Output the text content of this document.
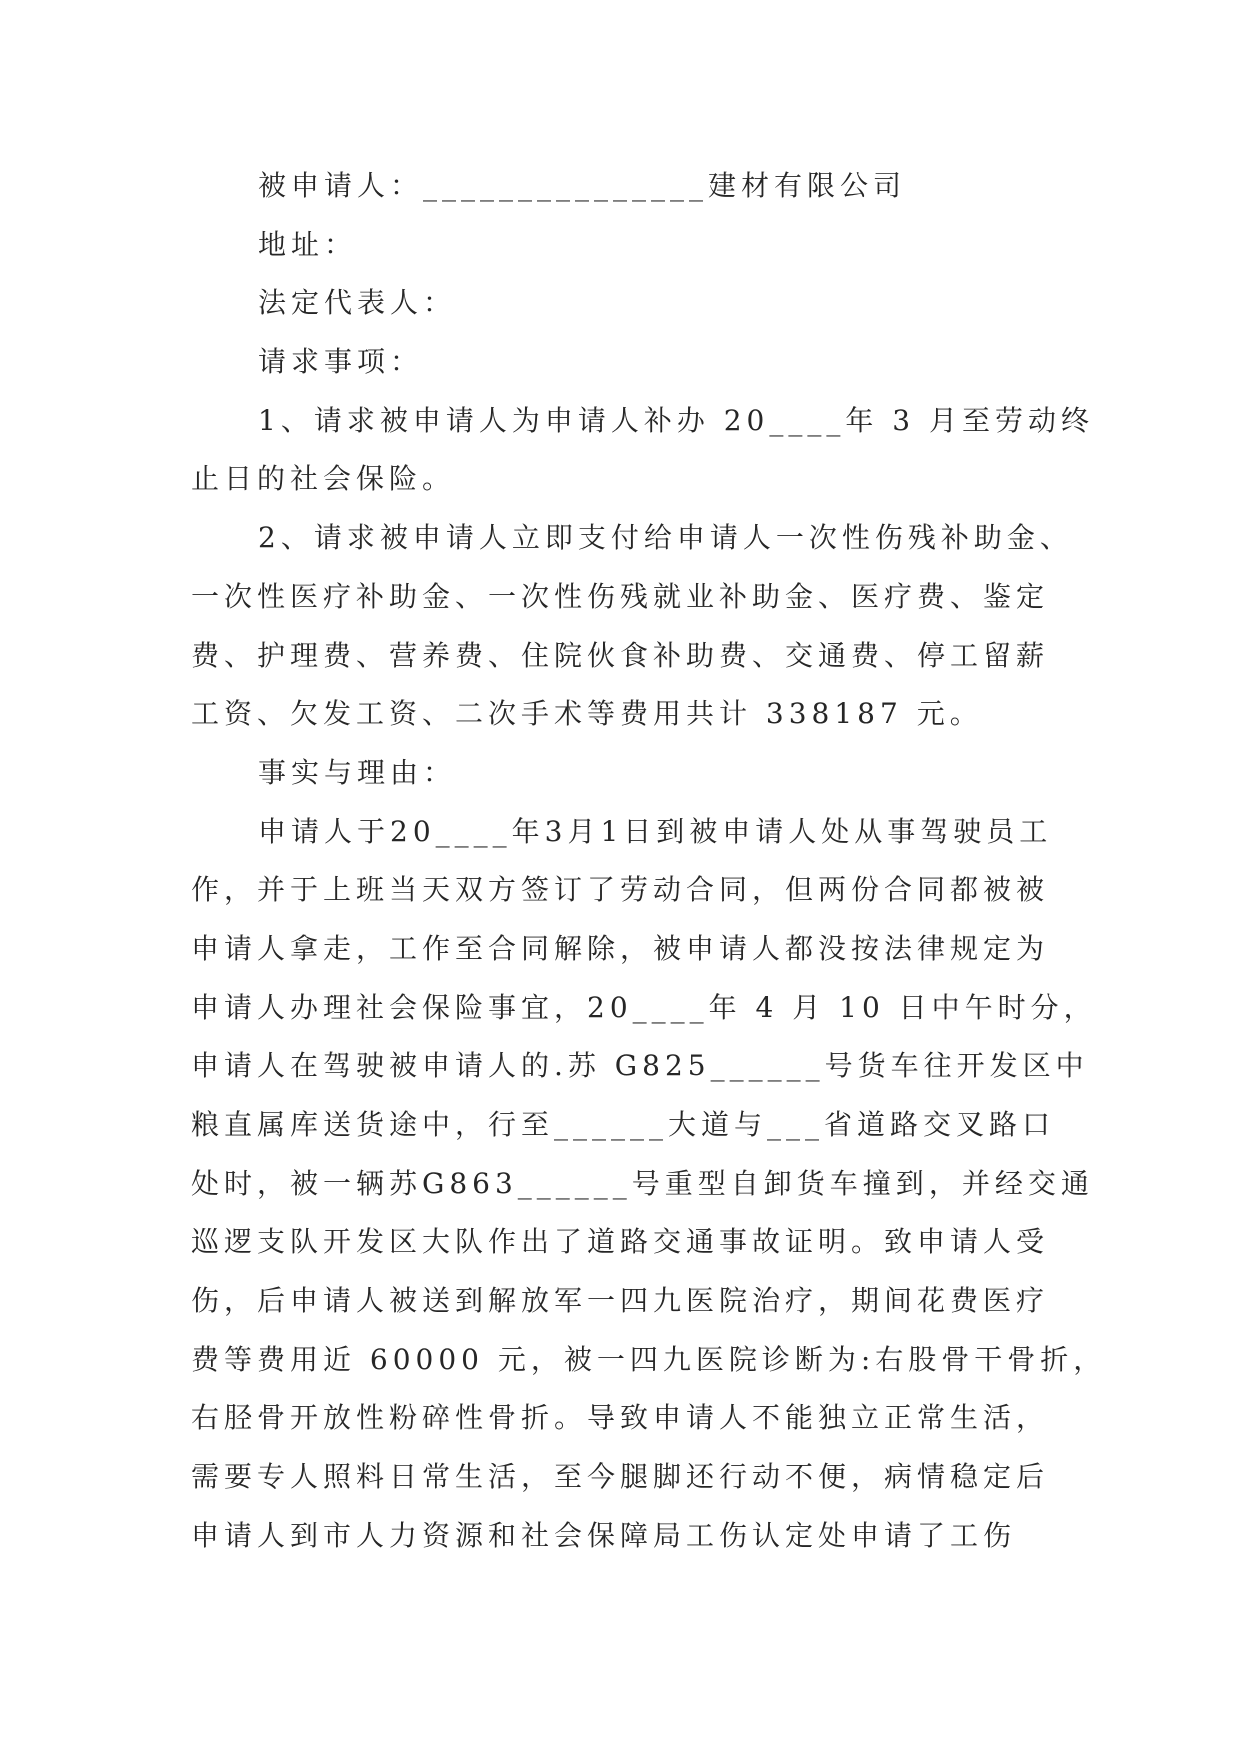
被申请人：_______________建材有限公司
地址：
法定代表人：
请求事项：
1、请求被申请人为申请人补办 20____年 3 月至劳动终
止日的社会保险。
2、请求被申请人立即支付给申请人一次性伤残补助金、
一次性医疗补助金、一次性伤残就业补助金、医疗费、鉴定
费、护理费、营养费、住院伙食补助费、交通费、停工留薪
工资、欠发工资、二次手术等费用共计 338187 元。
事实与理由：
申请人于20____年3月1日到被申请人处从事驾驶员工
作，并于上班当天双方签订了劳动合同，但两份合同都被被
申请人拿走，工作至合同解除，被申请人都没按法律规定为
申请人办理社会保险事宜，20____年 4 月 10 日中午时分，
申请人在驾驶被申请人的.苏 G825______号货车往开发区中
粮直属库送货途中，行至______大道与___省道路交叉路口
处时，被一辆苏G863______号重型自卸货车撞到，并经交通
巡逻支队开发区大队作出了道路交通事故证明。致申请人受
伤，后申请人被送到解放军一四九医院治疗，期间花费医疗
费等费用近 60000 元，被一四九医院诊断为:右股骨干骨折，
右胫骨开放性粉碎性骨折。导致申请人不能独立正常生活，
需要专人照料日常生活，至今腿脚还行动不便，病情稳定后
申请人到市人力资源和社会保障局工伤认定处申请了工伤
